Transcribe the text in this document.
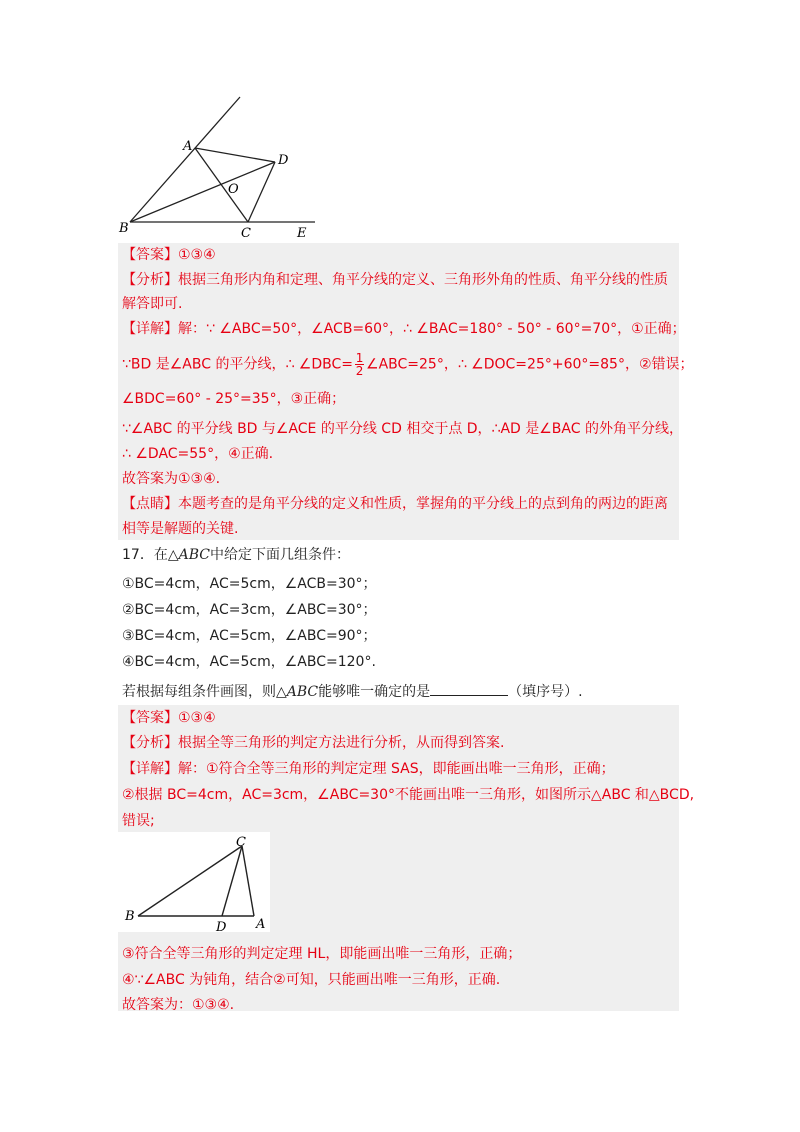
A
B	C
D
E
O
【答案】①③④
【分析】根据三角形内角和定理、角平分线的定义、三角形外角的性质、角平分线的性质
解答即可.
【详解】解：∵ ∠ABC=50°，∠ACB=60°，∴ ∠BAC=180° - 50° - 60°=70°，①正确；
∵BD 是∠ABC 的平分线，∴ ∠DBC= $\frac{1}{2}$ ∠ABC=25°，∴ ∠DOC=25°+60°=85°，②错误；
∠BDC=60° - 25°=35°，③正确；
∵∠ABC 的平分线 BD 与∠ACE 的平分线 CD 相交于点 D，∴AD 是∠BAC 的外角平分线，
∴ ∠DAC=55°，④正确.
故答案为①③④.
【点睛】本题考查的是角平分线的定义和性质，掌握角的平分线上的点到角的两边的距离
相等是解题的关键.
17．在△ABC中给定下面几组条件：
①BC=4cm，AC=5cm，∠ACB=30°；
②BC=4cm，AC=3cm，∠ABC=30°；
③BC=4cm，AC=5cm，∠ABC=90°；
④BC=4cm，AC=5cm，∠ABC=120°.
若根据每组条件画图，则△ABC能够唯一确定的是	（填序号）.
【答案】①③④
【分析】根据全等三角形的判定方法进行分析，从而得到答案.
【详解】解：①符合全等三角形的判定定理 SAS，即能画出唯一三角形，正确；
②根据 BC=4cm，AC=3cm，∠ABC=30°不能画出唯一三角形，如图所示△ABC 和△BCD,
错误;
C
B
D A
③符合全等三角形的判定定理 HL，即能画出唯一三角形，正确；
④∵∠ABC 为钝角，结合②可知，只能画出唯一三角形，正确.
故答案为：①③④.
